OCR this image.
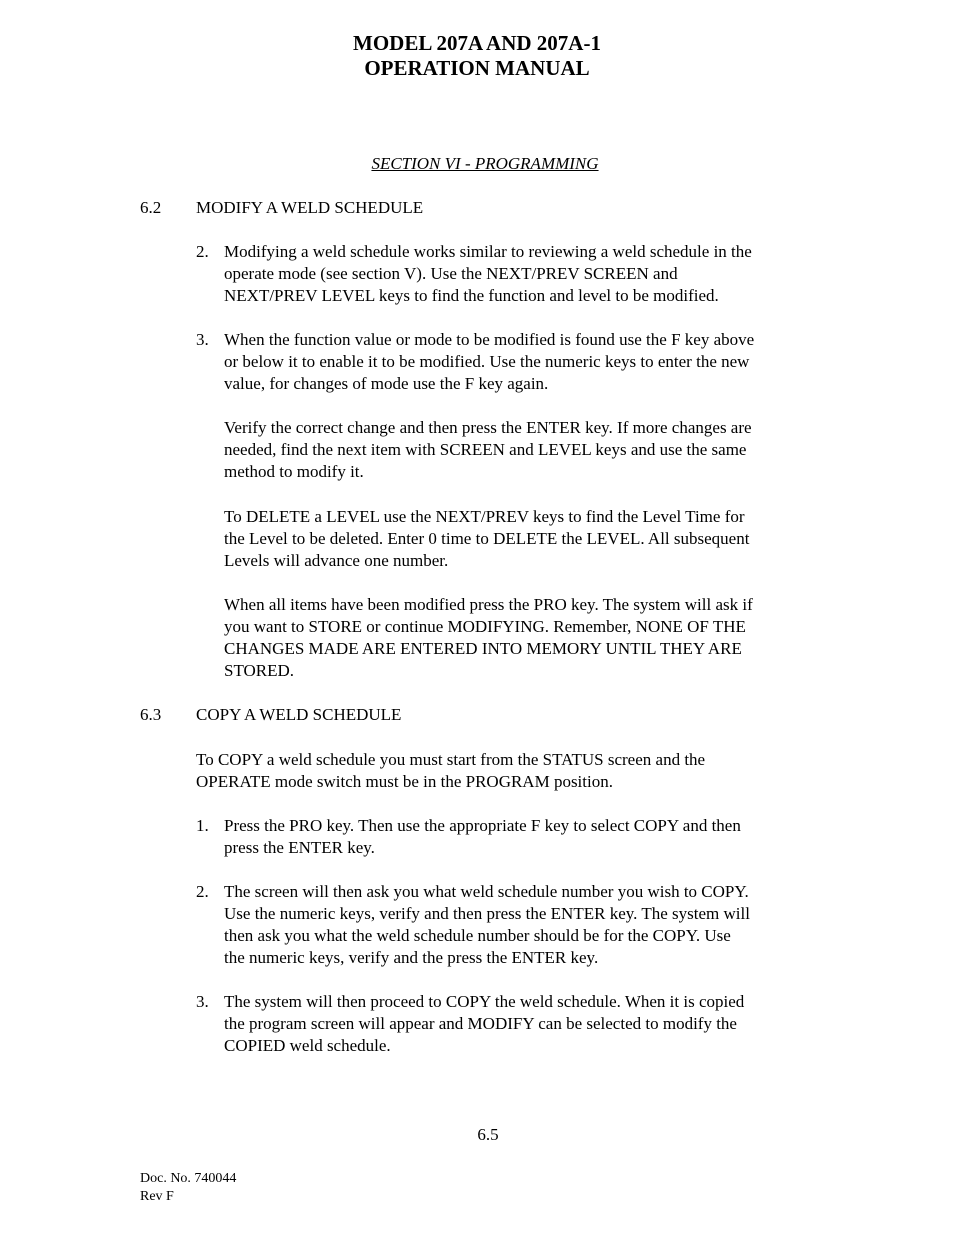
MODEL 207A AND 207A-1
OPERATION MANUAL
SECTION VI - PROGRAMMING
6.2 MODIFY A WELD SCHEDULE
2. Modifying a weld schedule works similar to reviewing a weld schedule in the
operate mode (see section V). Use the NEXT/PREV SCREEN and
NEXT/PREV LEVEL keys to find the function and level to be modified.
3. When the function value or mode to be modified is found use the F key above
or below it to enable it to be modified. Use the numeric keys to enter the new
value, for changes of mode use the F key again.
Verify the correct change and then press the ENTER key. If more changes are
needed, find the next item with SCREEN and LEVEL keys and use the same
method to modify it.
To DELETE a LEVEL use the NEXT/PREV keys to find the Level Time for
the Level to be deleted. Enter 0 time to DELETE the LEVEL. All subsequent
Levels will advance one number.
When all items have been modified press the PRO key. The system will ask if
you want to STORE or continue MODIFYING. Remember, NONE OF THE
CHANGES MADE ARE ENTERED INTO MEMORY UNTIL THEY ARE
STORED.
6.3 COPY A WELD SCHEDULE
To COPY a weld schedule you must start from the STATUS screen and the
OPERATE mode switch must be in the PROGRAM position.
1. Press the PRO key. Then use the appropriate F key to select COPY and then
press the ENTER key.
2. The screen will then ask you what weld schedule number you wish to COPY.
Use the numeric keys, verify and then press the ENTER key. The system will
then ask you what the weld schedule number should be for the COPY. Use
the numeric keys, verify and the press the ENTER key.
3. The system will then proceed to COPY the weld schedule. When it is copied
the program screen will appear and MODIFY can be selected to modify the
COPIED weld schedule.
6.5
Doc. No. 740044
Rev F
